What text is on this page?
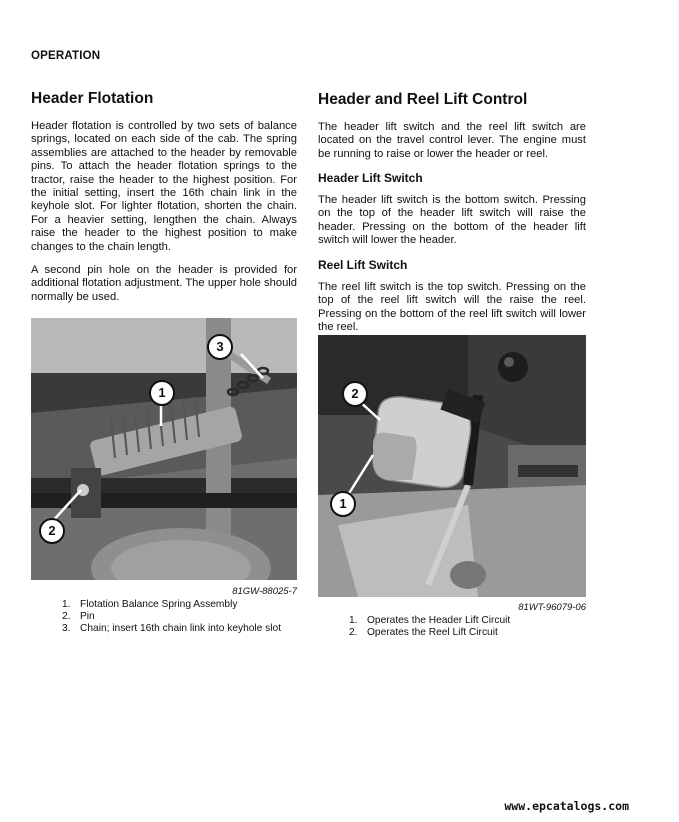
OPERATION
Header Flotation

Header flotation is controlled by two sets of balance springs, located on each side of the cab. The spring assemblies are attached to the header by removable pins. To attach the header flotation springs to the tractor, raise the header to the highest position. For the initial setting, insert the 16th chain link in the keyhole slot. For lighter flotation, shorten the chain. For a heavier setting, lengthen the chain. Always raise the header to the highest position to make changes to the chain length.

A second pin hole on the header is provided for additional flotation adjustment. The upper hole should normally be used.

1
3
2
81GW-88025-7
1. Flotation Balance Spring Assembly
2. Pin
3. Chain; insert 16th chain link into keyhole slot
Header and Reel Lift Control

The header lift switch and the reel lift switch are located on the travel control lever. The engine must be running to raise or lower the header or reel.

Header Lift Switch

The header lift switch is the bottom switch. Pressing on the top of the header lift switch will raise the header. Pressing on the bottom of the header lift switch will lower the header.

Reel Lift Switch

The reel lift switch is the top switch. Pressing on the top of the reel lift switch will the raise the reel. Pressing on the bottom of the reel lift switch will lower the reel.

2
1
81WT-96079-06
1. Operates the Header Lift Circuit
2. Operates the Reel Lift Circuit
www.epcatalogs.com
